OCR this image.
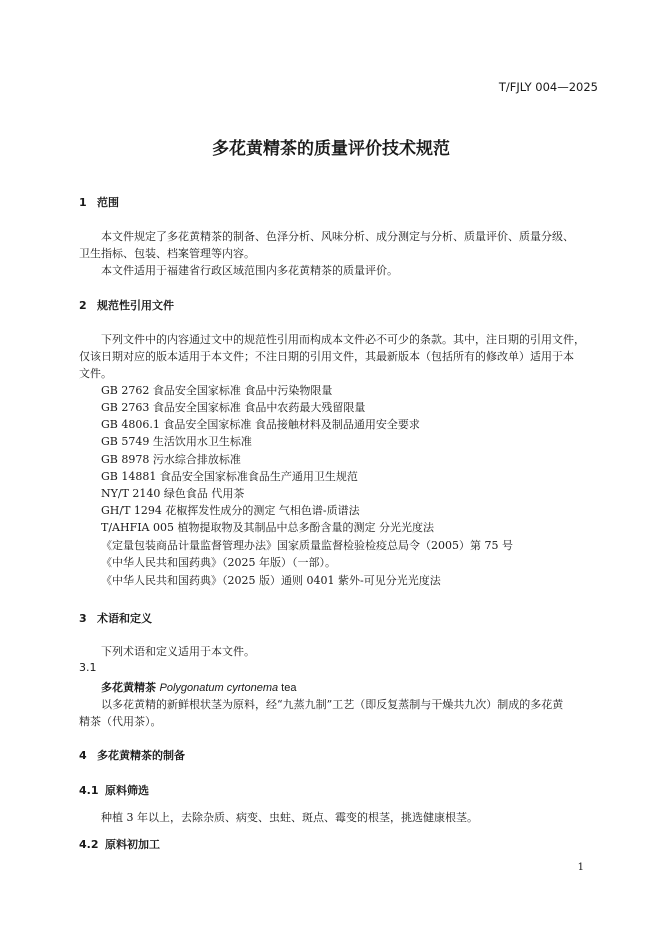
T/FJLY 004—2025
多花黄精茶的质量评价技术规范
1 范围
本文件规定了多花黄精茶的制备、色泽分析、风味分析、成分测定与分析、质量评价、质量分级、
卫生指标、包装、档案管理等内容。
本文件适用于福建省行政区域范围内多花黄精茶的质量评价。
2 规范性引用文件
下列文件中的内容通过文中的规范性引用而构成本文件必不可少的条款。其中，注日期的引用文件，
仅该日期对应的版本适用于本文件；不注日期的引用文件，其最新版本（包括所有的修改单）适用于本
文件。
GB 2762 食品安全国家标准 食品中污染物限量
GB 2763 食品安全国家标准 食品中农药最大残留限量
GB 4806.1 食品安全国家标准 食品接触材料及制品通用安全要求
GB 5749 生活饮用水卫生标准
GB 8978 污水综合排放标准
GB 14881 食品安全国家标准食品生产通用卫生规范
NY/T 2140 绿色食品 代用茶
GH/T 1294 花椒挥发性成分的测定 气相色谱-质谱法
T/AHFIA 005 植物提取物及其制品中总多酚含量的测定 分光光度法
《定量包装商品计量监督管理办法》国家质量监督检验检疫总局令（2005）第 75 号
《中华人民共和国药典》（2025 年版）（一部）。
《中华人民共和国药典》（2025 版）通则 0401 紫外-可见分光光度法
3 术语和定义
下列术语和定义适用于本文件。
3.1
多花黄精茶 Polygonatum cyrtonema tea
以多花黄精的新鲜根状茎为原料，经“九蒸九制”工艺（即反复蒸制与干燥共九次）制成的多花黄
精茶（代用茶）。
4 多花黄精茶的制备
4.1 原料筛选
种植 3 年以上，去除杂质、病变、虫蛀、斑点、霉变的根茎，挑选健康根茎。
4.2 原料初加工
1
